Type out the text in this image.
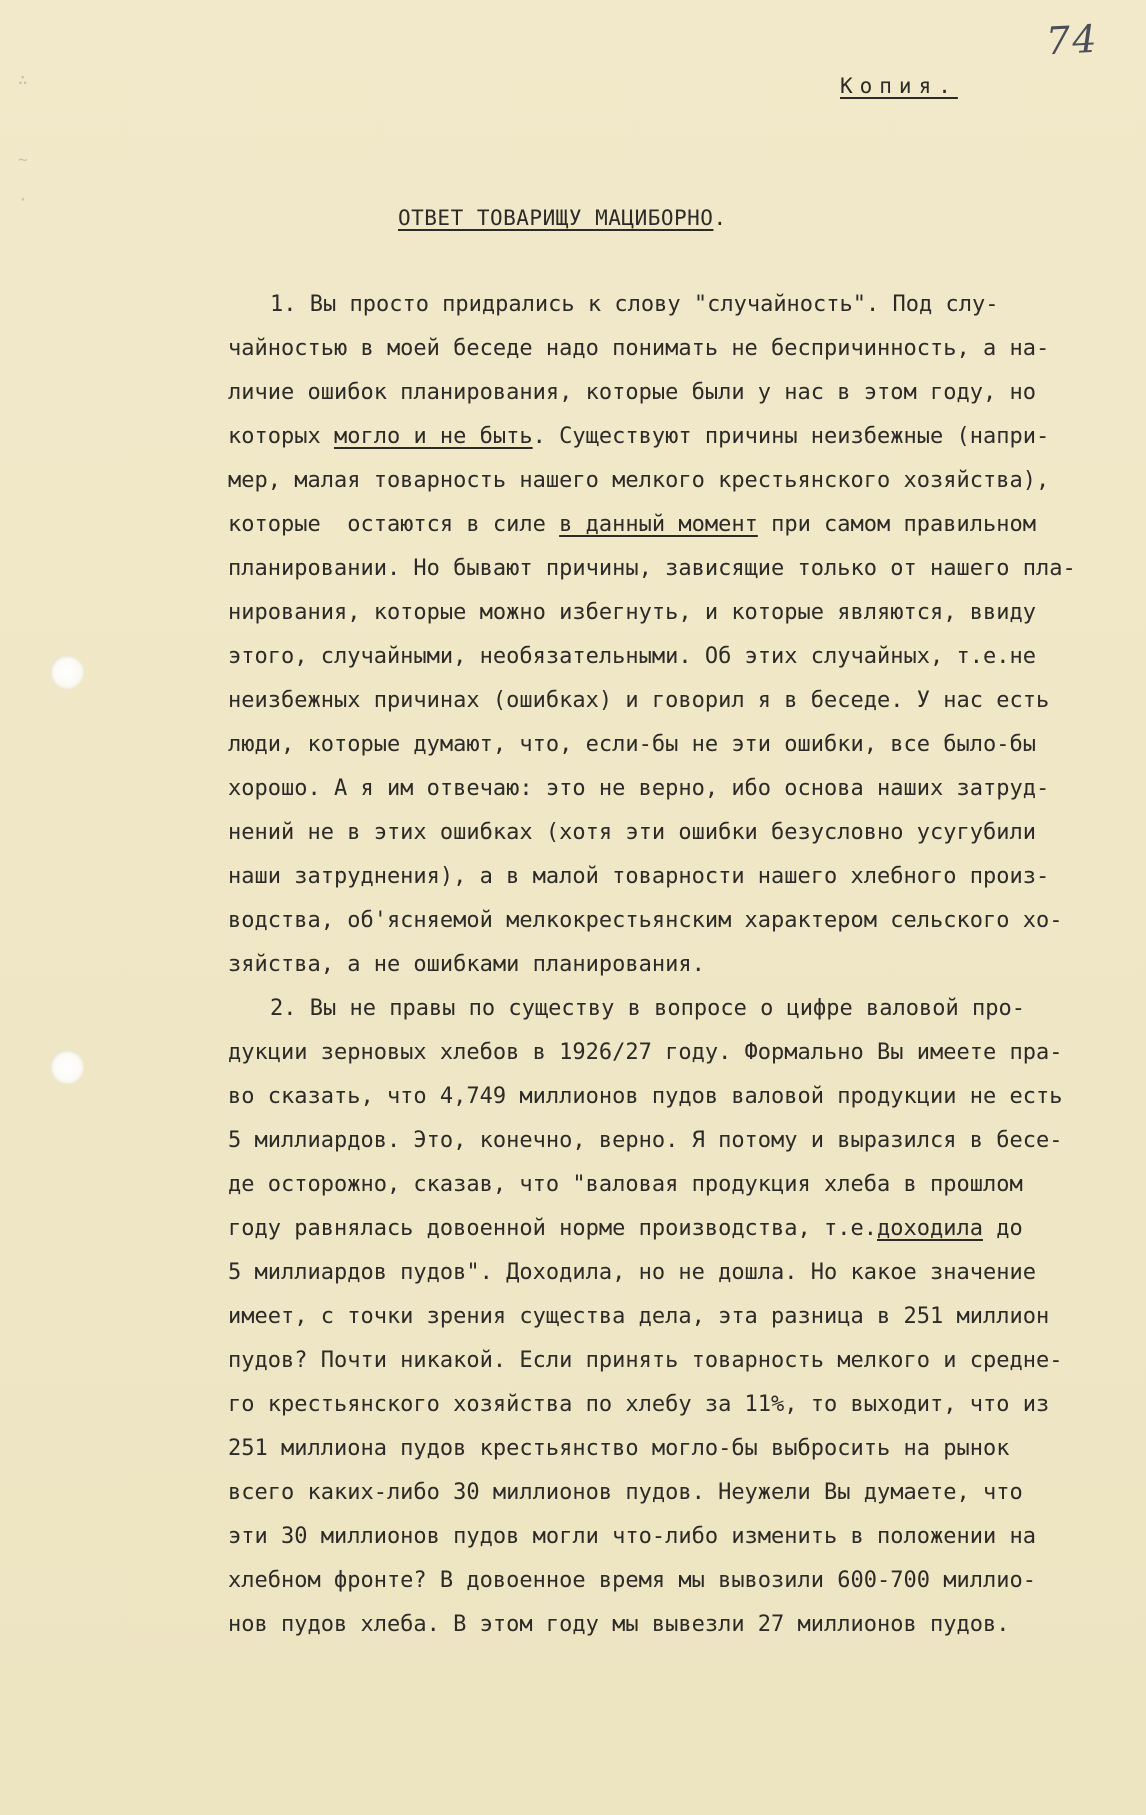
74
∴
~
·
Копия.
ОТВЕТ ТОВАРИЩУ МАЦИБОРНО.
1. Вы просто придрались к слову "случайность". Под слу-
чайностью в моей беседе надо понимать не беспричинность, а на-
личие ошибок планирования, которые были у нас в этом году, но
которых могло и не быть. Существуют причины неизбежные (напри-
мер, малая товарность нашего мелкого крестьянского хозяйства),
которые  остаются в силе в данный момент при самом правильном
планировании. Но бывают причины, зависящие только от нашего пла-
нирования, которые можно избегнуть, и которые являются, ввиду
этого, случайными, необязательными. Об этих случайных, т.е.не
неизбежных причинах (ошибках) и говорил я в беседе. У нас есть
люди, которые думают, что, если-бы не эти ошибки, все было-бы
хорошо. А я им отвечаю: это не верно, ибо основа наших затруд-
нений не в этих ошибках (хотя эти ошибки безусловно усугубили
наши затруднения), а в малой товарности нашего хлебного произ-
водства, об'ясняемой мелкокрестьянским характером сельского хо-
зяйства, а не ошибками планирования.
2. Вы не правы по существу в вопросе о цифре валовой про-
дукции зерновых хлебов в 1926/27 году. Формально Вы имеете пра-
во сказать, что 4,749 миллионов пудов валовой продукции не есть
5 миллиардов. Это, конечно, верно. Я потому и выразился в бесе-
де осторожно, сказав, что "валовая продукция хлеба в прошлом
году равнялась довоенной норме производства, т.е.доходила до
5 миллиардов пудов". Доходила, но не дошла. Но какое значение
имеет, с точки зрения существа дела, эта разница в 251 миллион
пудов? Почти никакой. Если принять товарность мелкого и средне-
го крестьянского хозяйства по хлебу за 11%, то выходит, что из
251 миллиона пудов крестьянство могло-бы выбросить на рынок
всего каких-либо 30 миллионов пудов. Неужели Вы думаете, что
эти 30 миллионов пудов могли что-либо изменить в положении на
хлебном фронте? В довоенное время мы вывозили 600-700 миллио-
нов пудов хлеба. В этом году мы вывезли 27 миллионов пудов.
